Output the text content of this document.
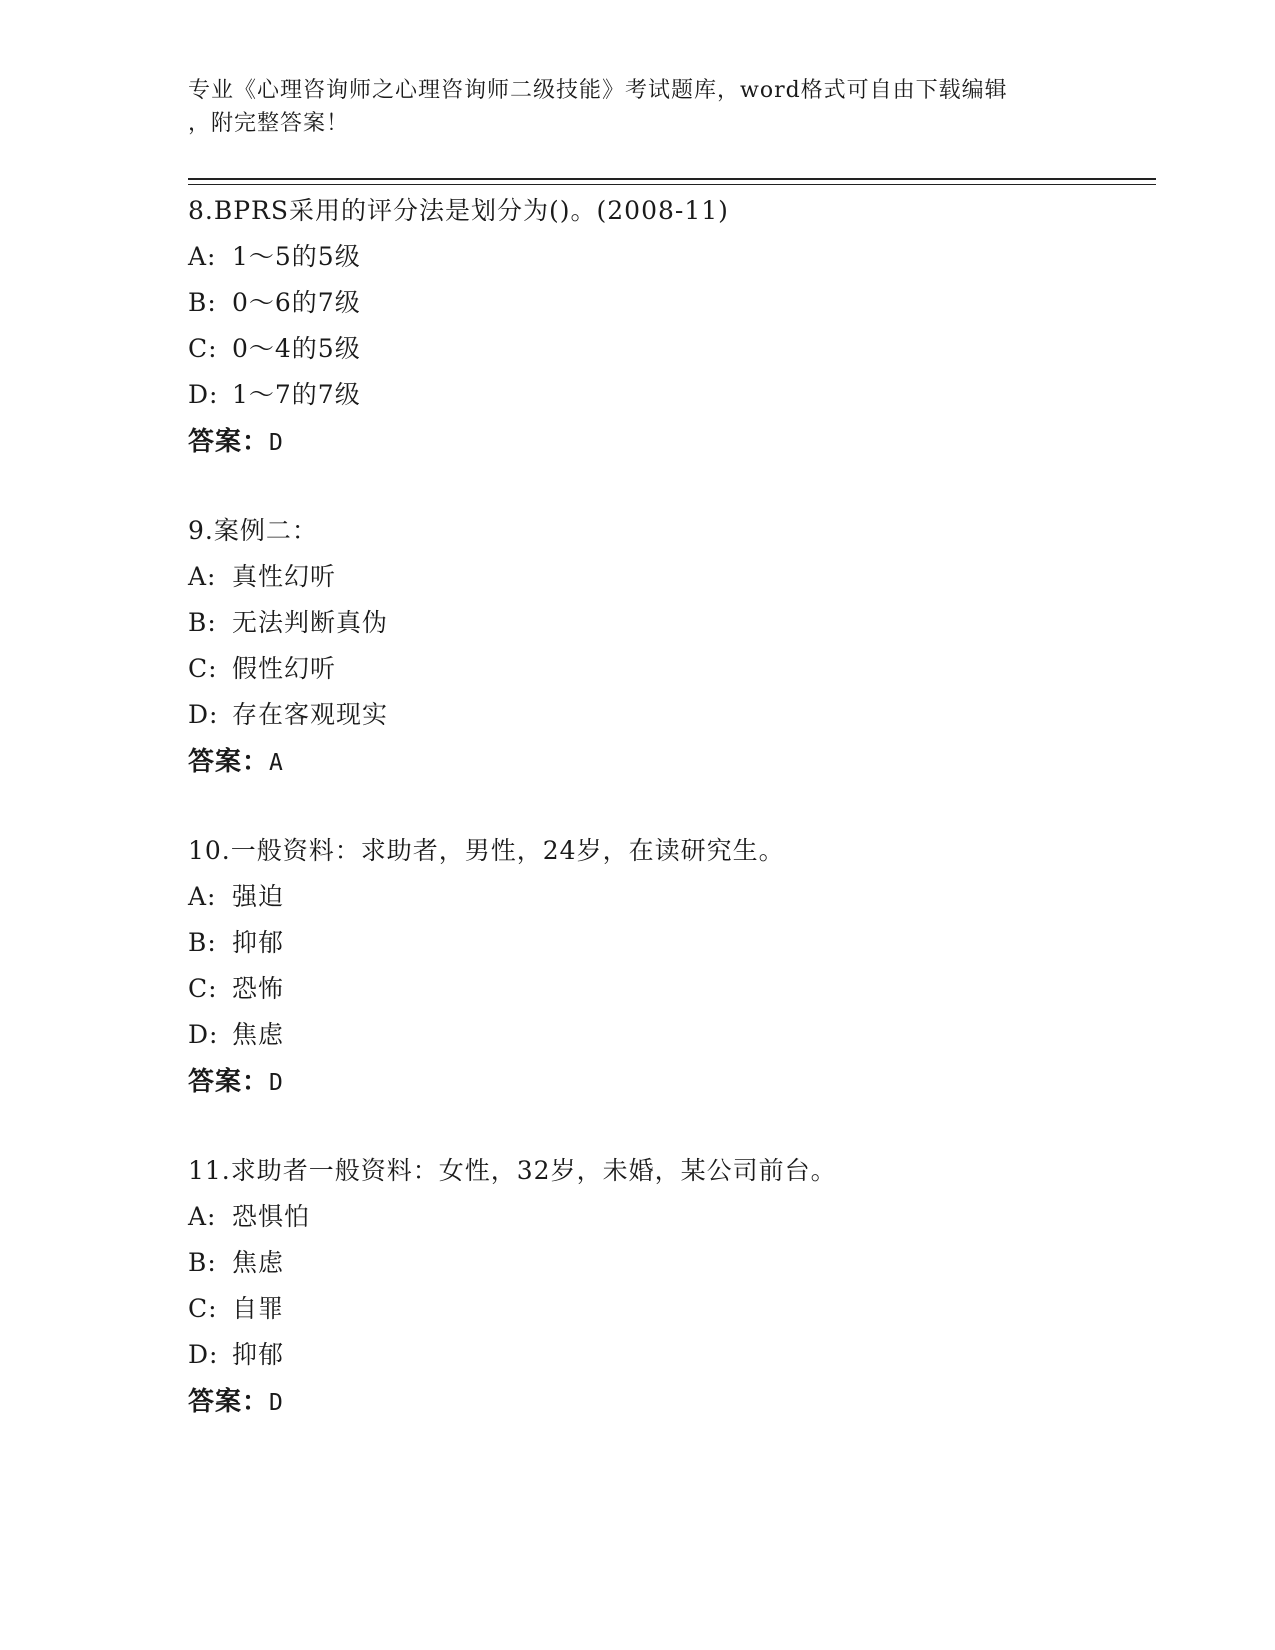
专业《心理咨询师之心理咨询师二级技能》考试题库，word格式可自由下载编辑
，附完整答案！
8.BPRS采用的评分法是划分为()。(2008-11)
A: 1～5的5级
B: 0～6的7级
C: 0～4的5级
D: 1～7的7级
答案：D
9.案例二：
A: 真性幻听
B: 无法判断真伪
C: 假性幻听
D: 存在客观现实
答案：A
10.一般资料：求助者，男性，24岁，在读研究生。
A: 强迫
B: 抑郁
C: 恐怖
D: 焦虑
答案：D
11.求助者一般资料：女性，32岁，未婚，某公司前台。
A: 恐惧怕
B: 焦虑
C: 自罪
D: 抑郁
答案：D
